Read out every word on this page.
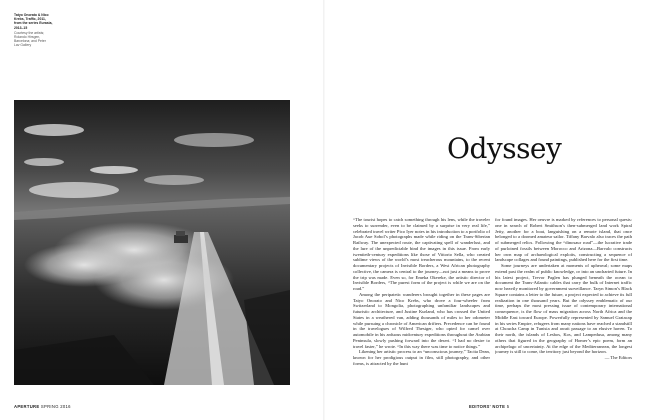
Tatyo Onorato & Nico
Krebs, Traffic, 2011,
from the series Eurasia,
2013–15
Courtesy the artists;
Rolando Hirsgen,
Barcelona; and Peter
Lav Gallery
APERTURE SPRING 2016
Odyssey

“The tourist hopes to catch something through his lens, while the traveler seeks to surrender, even to be claimed by a surprise in very real life,” celebrated travel writer Pico Iyer notes in his introduction to a portfolio of Jacob Aue Sobol’s photographs made while riding on the Trans-Siberian Railway. The unexpected route, the captivating spell of wanderlust, and the lure of the unpredictable bind the images in this issue. From early twentieth-century expeditions like those of Vittorio Sella, who created sublime views of the world’s most treacherous mountains, to the recent documentary projects of Invisible Borders, a West African photography collective, the camera is central to the journey—not just a means to prove the trip was made. Even so, for Emeka Okereke, the artistic director of Invisible Borders, “The purest form of the project is while we are on the road.”

Among the peripatetic wanderers brought together in these pages are Taiyo Onorato and Nico Krebs, who drove a four-wheeler from Switzerland to Mongolia, photographing unfamiliar landscapes and futuristic architecture, and Justine Kurland, who has crossed the United States in a weathered van, adding thousands of miles to her odometer while pursuing a chronicle of American drifters. Precedence can be found in the travelogues of Wilfred Thesiger, who opted for camel over automobile in his arduous midcentury expeditions throughout the Arabian Peninsula, slowly pushing forward into the desert. “I had no desire to travel faster,” he wrote. “In this way there was time to notice things.”

Likening her artistic process to an “unconscious journey,” Tacita Dean, known for her prodigious output in film, still photography, and other forms, is attracted by the hunt

for found images. Her oeuvre is marked by references to personal quests: one in search of Robert Smithson’s then-submerged land work Spiral Jetty, another for a boat, languishing on a remote island, that once belonged to a doomed amateur sailor. Tiffany Barvalo also traces the path of submerged relics. Following the “dinosaur road”—the lucrative trade of purloined fossils between Morocco and Arizona—Barvalo constructs her own map of archaeological exploits, constructing a sequence of landscape collages and found paintings, published here for the first time.

Some journeys are undertaken at moments of upheaval; some maps extend past the realm of public knowledge, or into an uncharted future. In his latest project, Trevor Paglen has plunged beneath the ocean to document the Trans-Atlantic cables that carry the bulk of Internet traffic now heavily monitored by government surveillance. Taryn Simon’s Black Square contains a letter to the future, a project expected to achieve its full realization in one thousand years. But the odyssey emblematic of our time, perhaps the most pressing issue of contemporary international consequence, is the flow of mass migration across North Africa and the Middle East toward Europe. Powerfully represented by Samuel Gratacap in his series Empire, refugees from many nations have reached a standstill at Choucha Camp in Tunisia and await passage to an elusive haven. To their north, the islands of Lesbos, Kos, and Lampedusa, among many others that figured in the geography of Homer’s epic poem, form an archipelago of uncertainty. At the edge of the Mediterranean, the longest journey is still to come, the territory just beyond the horizon.

— The Editors
EDITORS' NOTE 5
